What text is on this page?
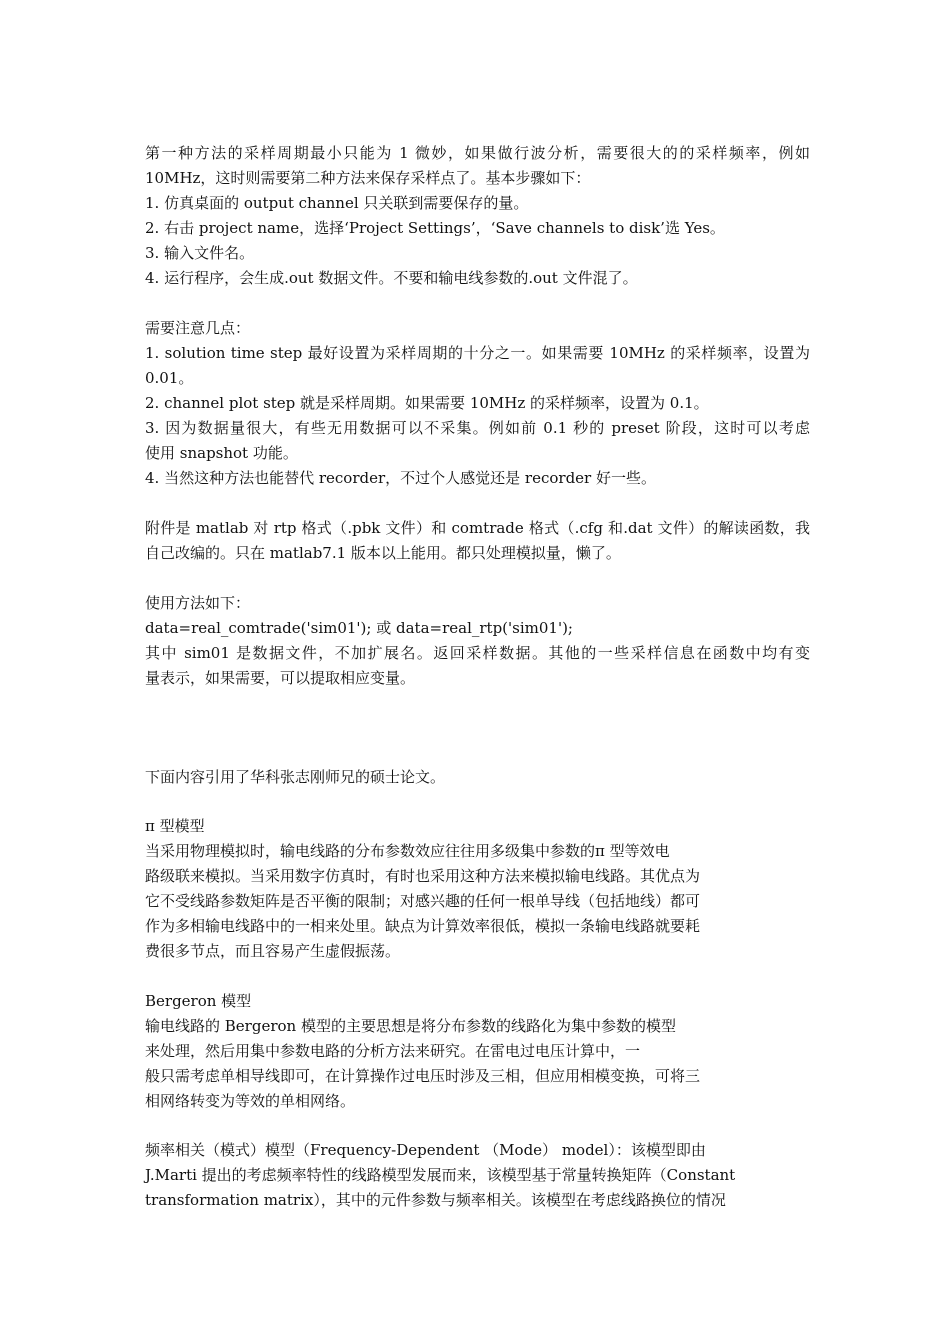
第一种方法的采样周期最小只能为 1 微妙，如果做行波分析，需要很大的的采样频率，例如
10MHz，这时则需要第二种方法来保存采样点了。基本步骤如下：
1. 仿真桌面的 output channel 只关联到需要保存的量。
2. 右击 project name，选择‘Project Settings’，‘Save channels to disk’选 Yes。
3. 输入文件名。
4. 运行程序，会生成.out 数据文件。不要和输电线参数的.out 文件混了。
需要注意几点：
1. solution time step 最好设置为采样周期的十分之一。如果需要 10MHz 的采样频率，设置为
0.01。
2. channel plot step 就是采样周期。如果需要 10MHz 的采样频率，设置为 0.1。
3. 因为数据量很大，有些无用数据可以不采集。例如前 0.1 秒的 preset 阶段，这时可以考虑
使用 snapshot 功能。
4. 当然这种方法也能替代 recorder，不过个人感觉还是 recorder 好一些。
附件是 matlab 对 rtp 格式（.pbk 文件）和 comtrade 格式（.cfg 和.dat 文件）的解读函数，我
自己改编的。只在 matlab7.1 版本以上能用。都只处理模拟量，懒了。
使用方法如下：
data=real_comtrade('sim01'); 或 data=real_rtp('sim01');
其中 sim01 是数据文件，不加扩展名。返回采样数据。其他的一些采样信息在函数中均有变
量表示，如果需要，可以提取相应变量。
下面内容引用了华科张志刚师兄的硕士论文。
π 型模型
当采用物理模拟时，输电线路的分布参数效应往往用多级集中参数的π 型等效电
路级联来模拟。当采用数字仿真时，有时也采用这种方法来模拟输电线路。其优点为
它不受线路参数矩阵是否平衡的限制；对感兴趣的任何一根单导线（包括地线）都可
作为多相输电线路中的一相来处里。缺点为计算效率很低，模拟一条输电线路就要耗
费很多节点，而且容易产生虚假振荡。
Bergeron 模型
输电线路的 Bergeron 模型的主要思想是将分布参数的线路化为集中参数的模型
来处理，然后用集中参数电路的分析方法来研究。在雷电过电压计算中，一
般只需考虑单相导线即可，在计算操作过电压时涉及三相，但应用相模变换，可将三
相网络转变为等效的单相网络。
频率相关（模式）模型（Frequency-Dependent （Mode） model）：该模型即由
J.Marti 提出的考虑频率特性的线路模型发展而来，该模型基于常量转换矩阵（Constant
transformation matrix），其中的元件参数与频率相关。该模型在考虑线路换位的情况
